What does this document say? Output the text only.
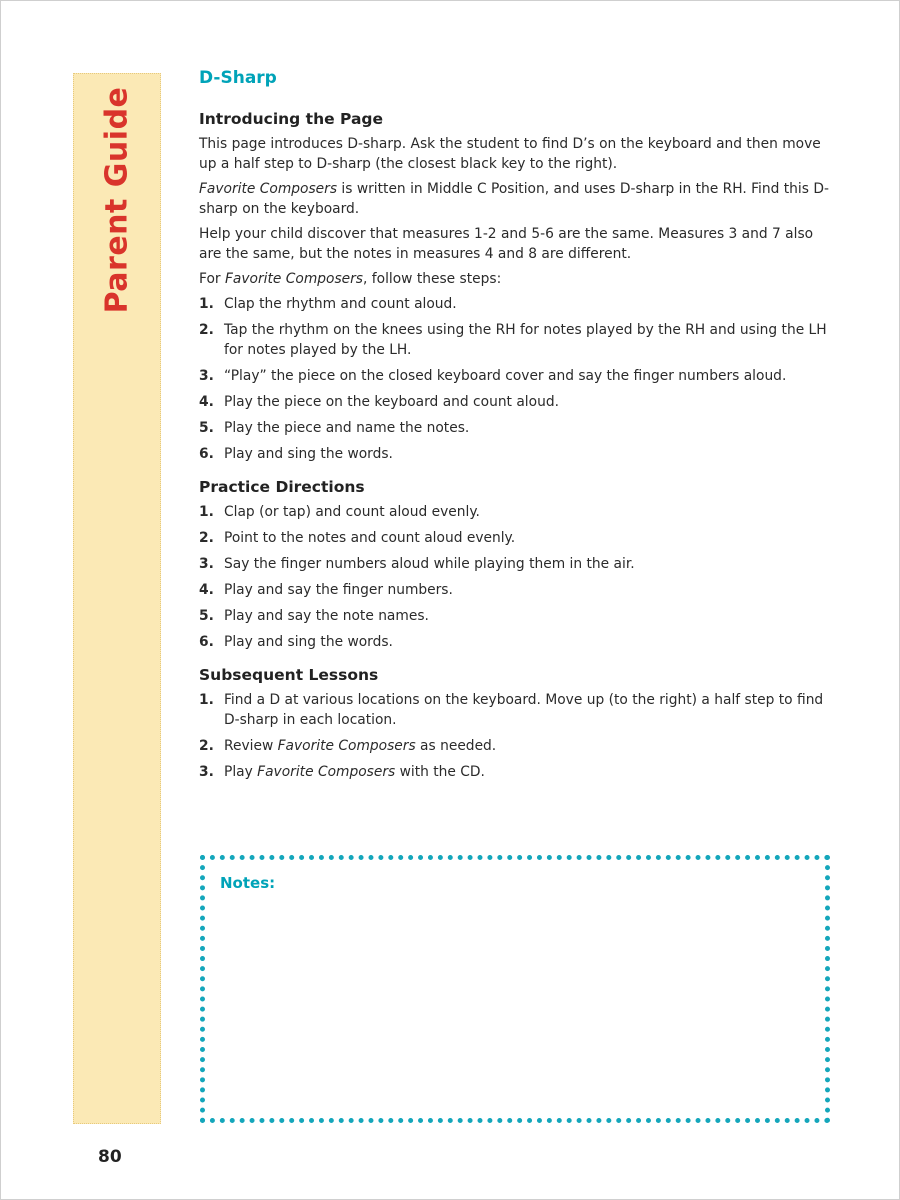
Parent Guide
D-Sharp
Introducing the Page

This page introduces D-sharp. Ask the student to find D’s on the keyboard and then move up a half step to D-sharp (the closest black key to the right).

Favorite Composers is written in Middle C Position, and uses D-sharp in the RH. Find this D-sharp on the keyboard.

Help your child discover that measures 1-2 and 5-6 are the same. Measures 3 and 7 also are the same, but the notes in measures 4 and 8 are different.

For Favorite Composers, follow these steps:

1. Clap the rhythm and count aloud.
2. Tap the rhythm on the knees using the RH for notes played by the RH and using the LH for notes played by the LH.
3. “Play” the piece on the closed keyboard cover and say the finger numbers aloud.
4. Play the piece on the keyboard and count aloud.
5. Play the piece and name the notes.
6. Play and sing the words.
Practice Directions
1. Clap (or tap) and count aloud evenly.
2. Point to the notes and count aloud evenly.
3. Say the finger numbers aloud while playing them in the air.
4. Play and say the finger numbers.
5. Play and say the note names.
6. Play and sing the words.
Subsequent Lessons
1. Find a D at various locations on the keyboard. Move up (to the right) a half step to find D-sharp in each location.
2. Review Favorite Composers as needed.
3. Play Favorite Composers with the CD.
Notes:
80
